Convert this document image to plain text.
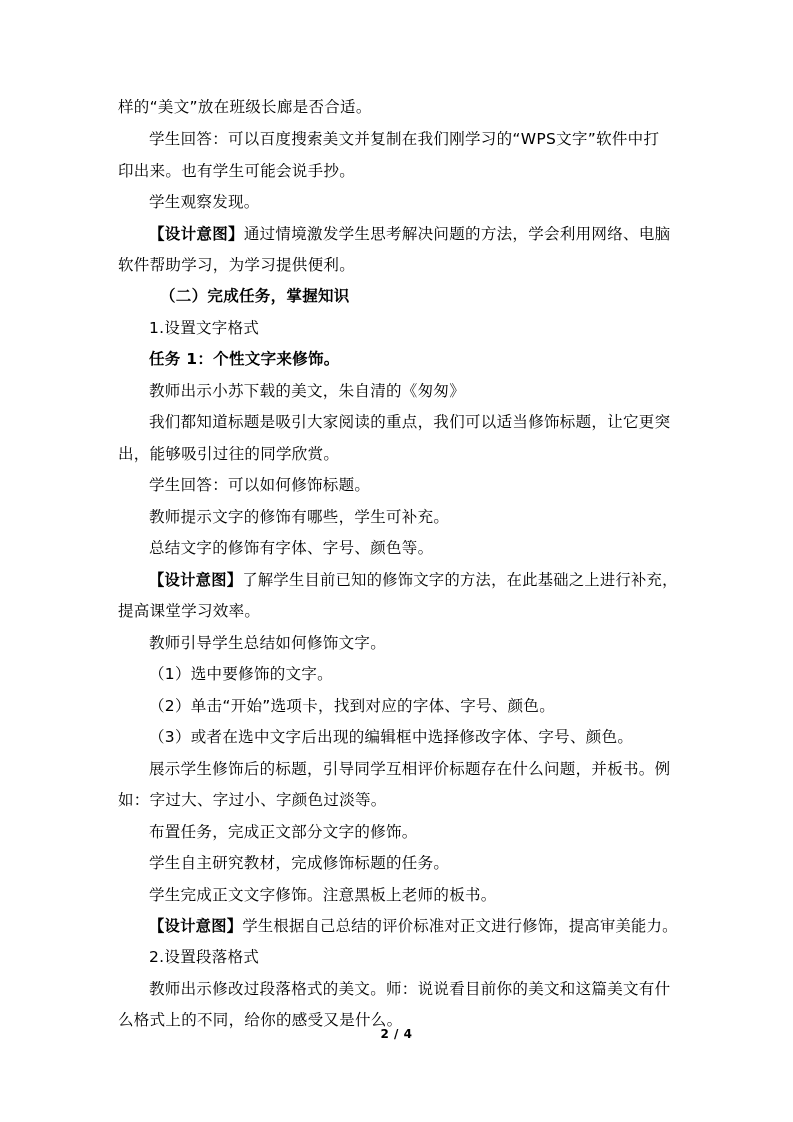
样的“美文”放在班级长廊是否合适。
学生回答：可以百度搜索美文并复制在我们刚学习的“WPS文字”软件中打
印出来。也有学生可能会说手抄。
学生观察发现。
【设计意图】通过情境激发学生思考解决问题的方法，学会利用网络、电脑
软件帮助学习，为学习提供便利。
（二）完成任务，掌握知识
1.设置文字格式
任务 1：个性文字来修饰。
教师出示小苏下载的美文，朱自清的《匆匆》
我们都知道标题是吸引大家阅读的重点，我们可以适当修饰标题，让它更突
出，能够吸引过往的同学欣赏。
学生回答：可以如何修饰标题。
教师提示文字的修饰有哪些，学生可补充。
总结文字的修饰有字体、字号、颜色等。
【设计意图】了解学生目前已知的修饰文字的方法，在此基础之上进行补充，
提高课堂学习效率。
教师引导学生总结如何修饰文字。
（1）选中要修饰的文字。
（2）单击“开始”选项卡，找到对应的字体、字号、颜色。
（3）或者在选中文字后出现的编辑框中选择修改字体、字号、颜色。
展示学生修饰后的标题，引导同学互相评价标题存在什么问题，并板书。例
如：字过大、字过小、字颜色过淡等。
布置任务，完成正文部分文字的修饰。
学生自主研究教材，完成修饰标题的任务。
学生完成正文文字修饰。注意黑板上老师的板书。
【设计意图】学生根据自己总结的评价标准对正文进行修饰，提高审美能力。
2.设置段落格式
教师出示修改过段落格式的美文。师：说说看目前你的美文和这篇美文有什
么格式上的不同，给你的感受又是什么。
2 / 4
